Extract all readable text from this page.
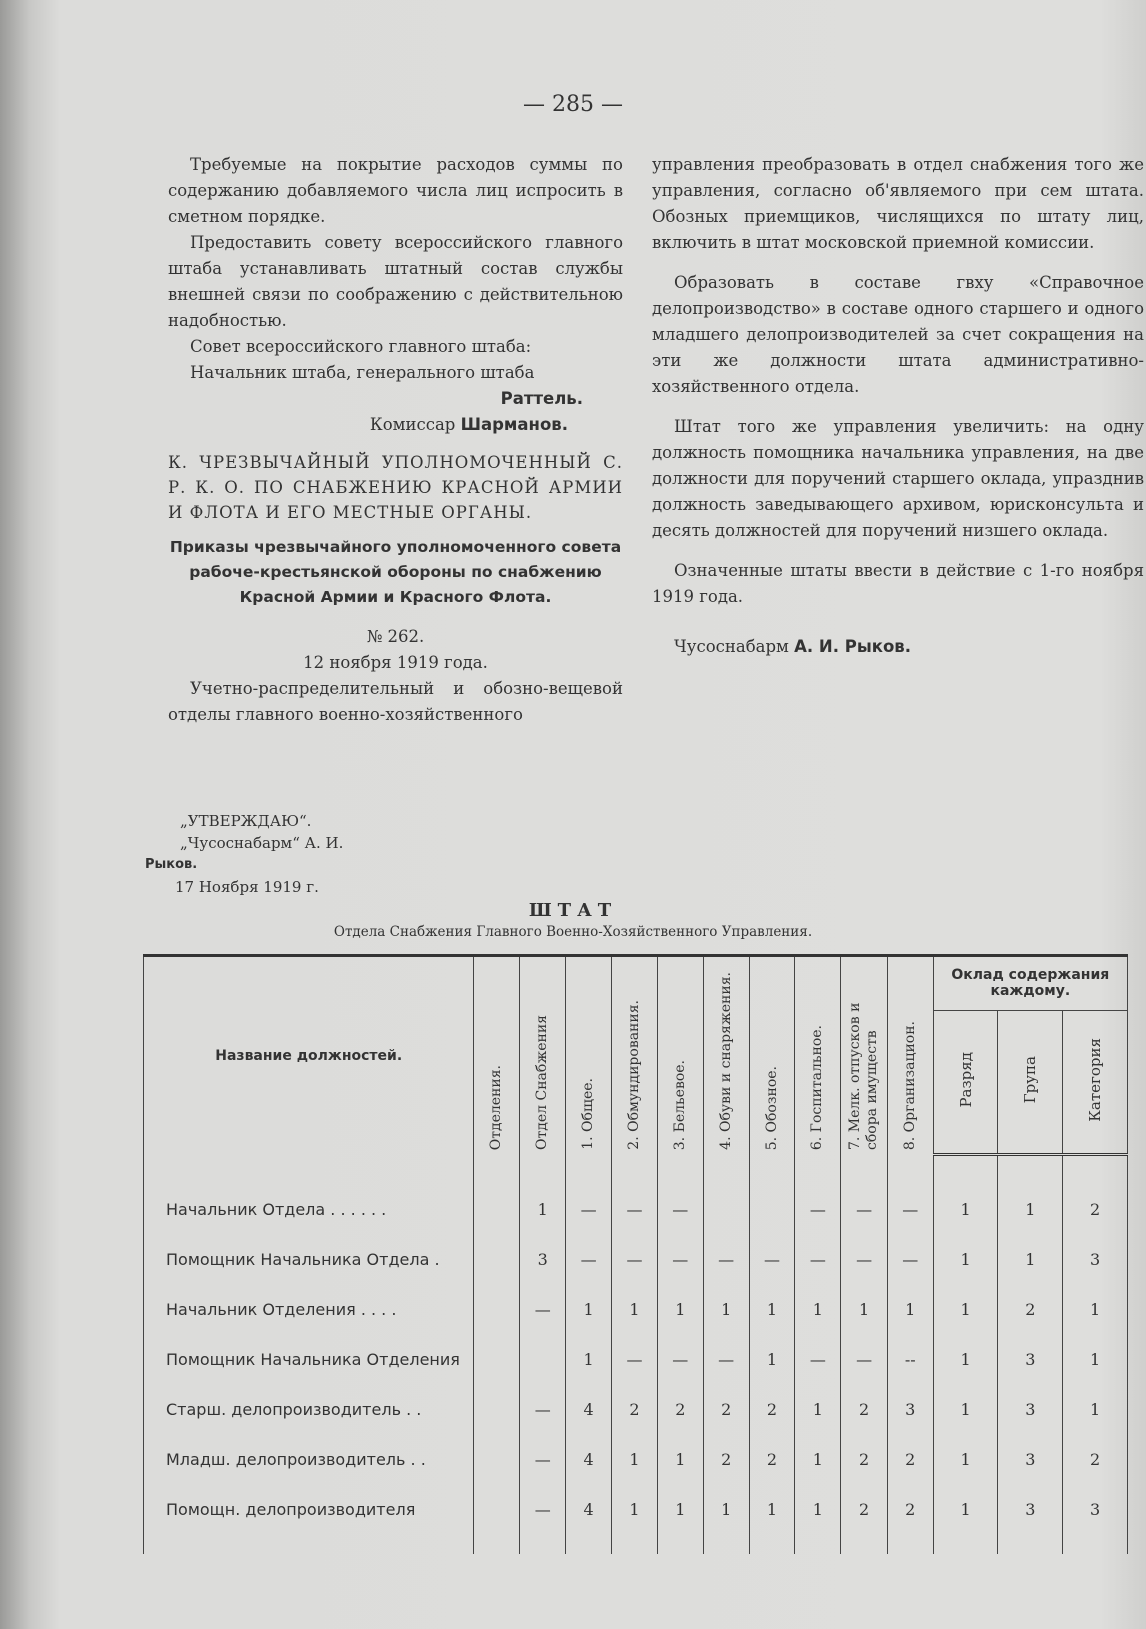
— 285 —

Требуемые на покрытие расходов суммы по содержанию добавляемого числа лиц испросить в сметном порядке.

Предоставить совету всероссийского главного штаба устанавливать штатный состав службы внешней связи по соображению с действительною надобностью.

Совет всероссийского главного штаба:

Начальник штаба, генерального штаба

Раттель.

Комиссар Шарманов.

К. ЧРЕЗВЫЧАЙНЫЙ УПОЛНОМОЧЕННЫЙ С. Р. К. О. ПО СНАБЖЕНИЮ КРАСНОЙ АРМИИ И ФЛОТА И ЕГО МЕСТНЫЕ ОРГАНЫ.

Приказы чрезвычайного уполномоченного совета рабоче-крестьянской обороны по снабжению Красной Армии и Красного Флота.

№ 262.

12 ноября 1919 года.

Учетно-распределительный и обозно-вещевой отделы главного военно-хозяйственного

управления преобразовать в отдел снабжения того же управления, согласно об'являемого при сем штата. Обозных приемщиков, числящихся по штату лиц, включить в штат московской приемной комиссии.

Образовать в составе гвху «Справочное делопроизводство» в составе одного старшего и одного младшего делопроизводителей за счет сокращения на эти же должности штата административно-хозяйственного отдела.

Штат того же управления увеличить: на одну должность помощника начальника управления, на две должности для поручений старшего оклада, упразднив должность заведывающего архивом, юрисконсульта и десять должностей для поручений низшего оклада.

Означенные штаты ввести в действие с 1-го ноября 1919 года.

Чусоснабарм А. И. Рыков.

„УТВЕРЖДАЮ“.
„Чусоснабарм“ А. И.
Рыков.
17 Ноября 1919 г.
ШТАТ
Отдела Снабжения Главного Военно-Хозяйственного Управления.
Название должностей.	Отделения.	Отдел Снабжения	1. Общее.	2. Обмундирования.	3. Бельевое.	4. Обуви и снаряжения.	5. Обозное.	6. Госпитальное.	7. Мелк. отпусков и сбора имуществ	8. Организацион.	Оклад содержания каждому.		
											Разряд	Група	Категория
Начальник Отдела . . . . . .		1	—	—	—			—	—	—	1	1	2
Помощник Начальника Отдела .		3	—	—	—	—	—	—	—	—	1	1	3
Начальник Отделения . . . .		—	1	1	1	1	1	1	1	1	1	2	1
Помощник Начальника Отделения			1	—	—	—	1	—	—	--	1	3	1
Старш. делопроизводитель . .		—	4	2	2	2	2	1	2	3	1	3	1
Младш. делопроизводитель . .		—	4	1	1	2	2	1	2	2	1	3	2
Помощн. делопроизводителя		—	4	1	1	1	1	1	2	2	1	3	3
